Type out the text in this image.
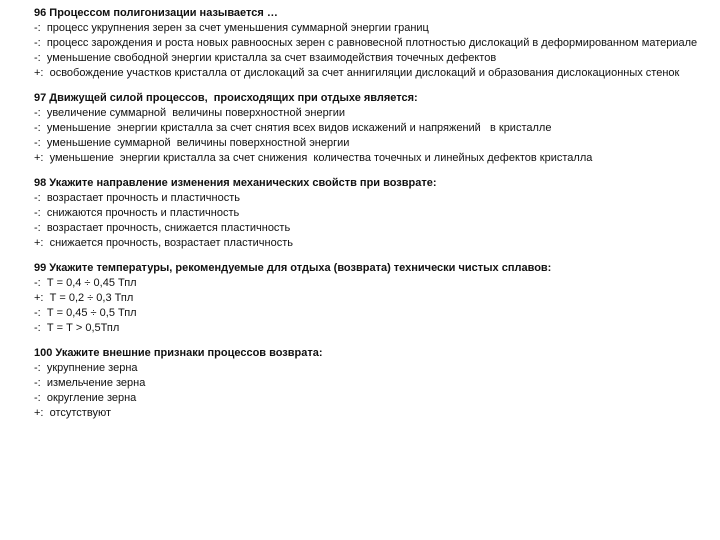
96 Процессом полигонизации называется …
-:  процесс укрупнения зерен за счет уменьшения суммарной энергии границ
-:  процесс зарождения и роста новых равноосных зерен с равновесной плотностью дислокаций в деформированном материале
-:  уменьшение свободной энергии кристалла за счет взаимодействия точечных дефектов
+:  освобождение участков кристалла от дислокаций за счет аннигиляции дислокаций и образования дислокационных стенок
97 Движущей силой процессов,  происходящих при отдыхе является:
-:  увеличение суммарной  величины поверхностной энергии
-:  уменьшение  энергии кристалла за счет снятия всех видов искажений и напряжений   в кристалле
-:  уменьшение суммарной  величины поверхностной энергии
+:  уменьшение  энергии кристалла за счет снижения  количества точечных и линейных дефектов кристалла
98 Укажите направление изменения механических свойств при возврате:
-:  возрастает прочность и пластичность
-:  снижаются прочность и пластичность
-:  возрастает прочность, снижается пластичность
+:  снижается прочность, возрастает пластичность
99 Укажите температуры, рекомендуемые для отдыха (возврата) технически чистых сплавов:
-:  Т = 0,4 ÷ 0,45 Тпл
+:  Т = 0,2 ÷ 0,3 Тпл
-:  Т = 0,45 ÷ 0,5 Тпл
-:  Т = Т > 0,5Тпл
100 Укажите внешние признаки процессов возврата:
-:  укрупнение зерна
-:  измельчение зерна
-:  округление зерна
+:  отсутствуют
